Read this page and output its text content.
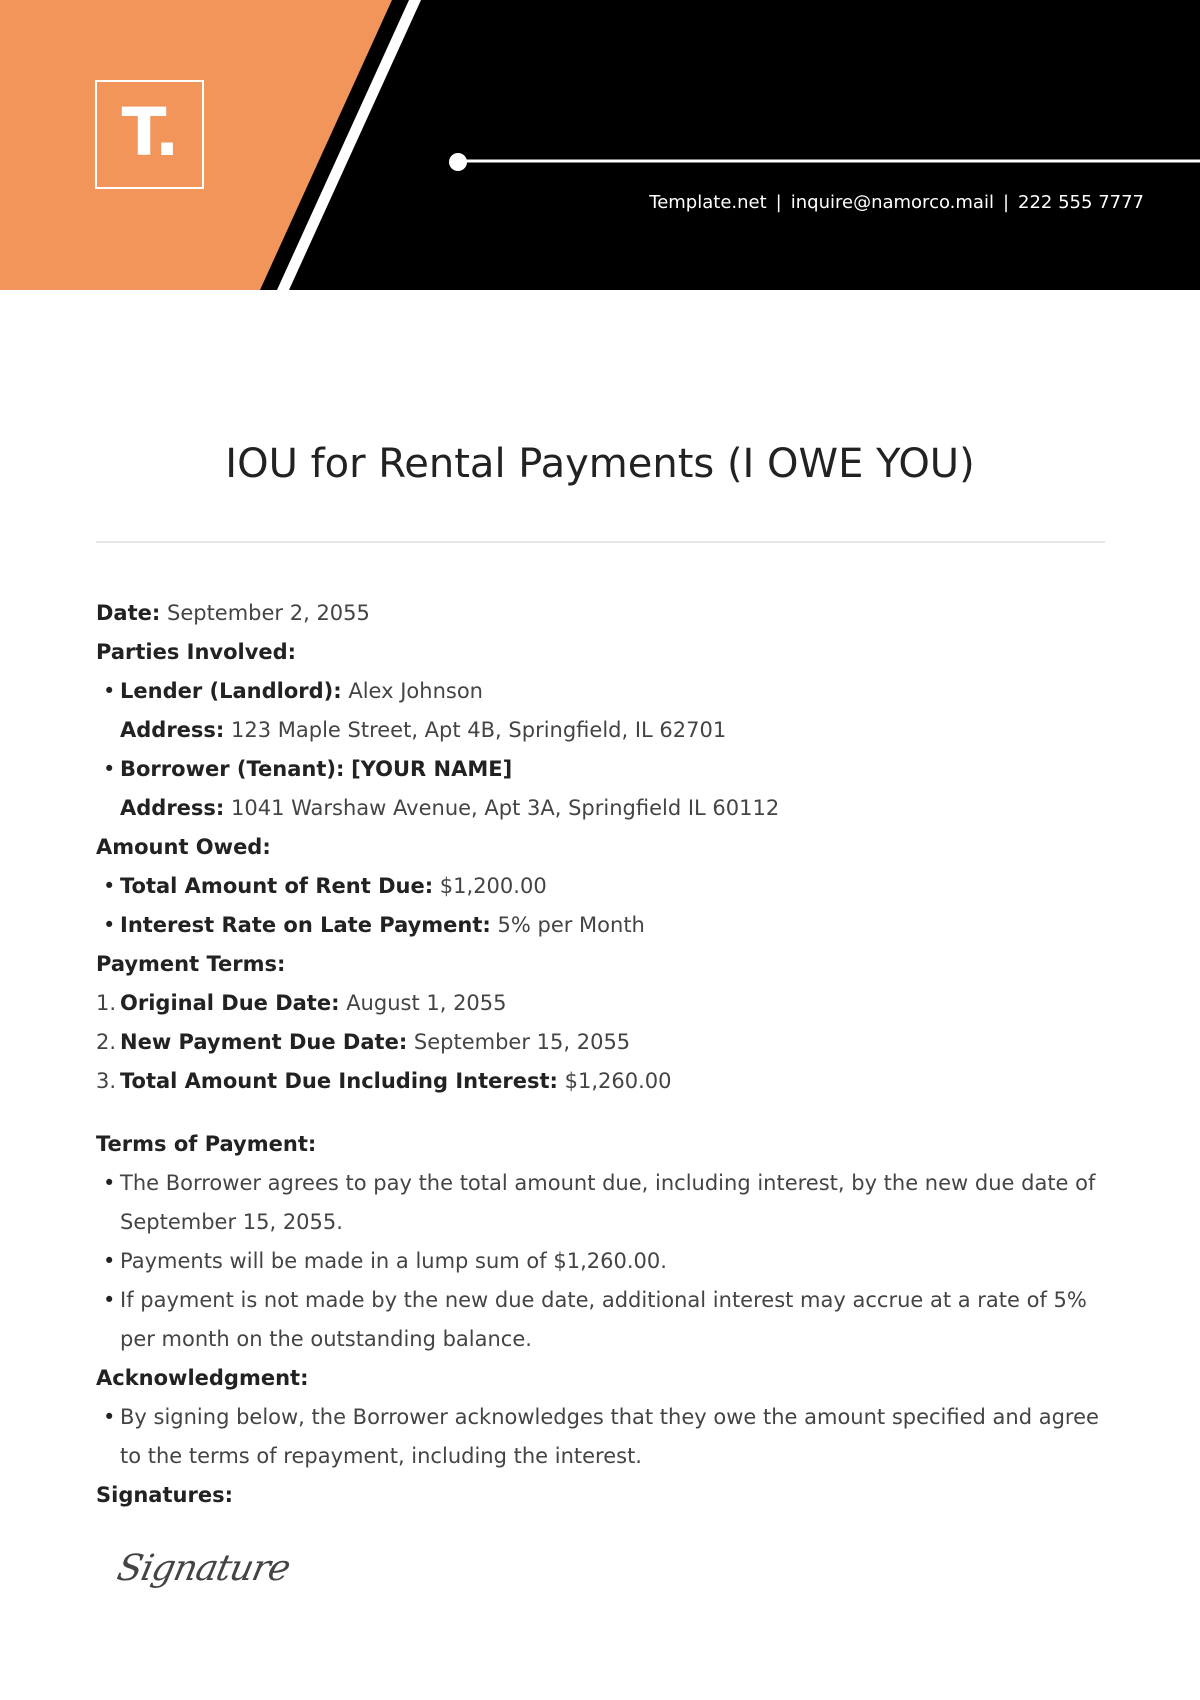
T.
Template.net | inquire@namorco.mail | 222 555 7777
IOU for Rental Payments (I OWE YOU)

Date: September 2, 2055

Parties Involved:

• Lender (Landlord): Alex Johnson

Address: 123 Maple Street, Apt 4B, Springfield, IL 62701

• Borrower (Tenant): [YOUR NAME]

Address: 1041 Warshaw Avenue, Apt 3A, Springfield IL 60112

Amount Owed:

• Total Amount of Rent Due: $1,200.00

• Interest Rate on Late Payment: 5% per Month

Payment Terms:

1. Original Due Date: August 1, 2055

2. New Payment Due Date: September 15, 2055

3. Total Amount Due Including Interest: $1,260.00

Terms of Payment:

• The Borrower agrees to pay the total amount due, including interest, by the new due date of September 15, 2055.

• Payments will be made in a lump sum of $1,260.00.

• If payment is not made by the new due date, additional interest may accrue at a rate of 5% per month on the outstanding balance.

Acknowledgment:

• By signing below, the Borrower acknowledges that they owe the amount specified and agree to the terms of repayment, including the interest.

Signatures:

Signature
